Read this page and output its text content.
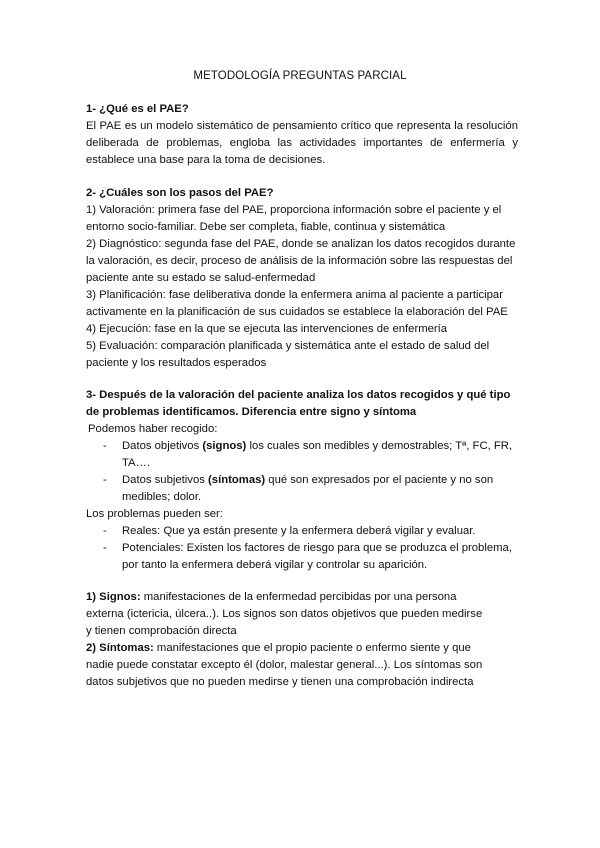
METODOLOGÍA PREGUNTAS PARCIAL

1- ¿Qué es el PAE?

El PAE es un modelo sistemático de pensamiento crítico que representa la resolución deliberada de problemas, engloba las actividades importantes de enfermería y establece una base para la toma de decisiones.

2- ¿Cuáles son los pasos del PAE?

1) Valoración: primera fase del PAE, proporciona información sobre el paciente y el entorno socio-familiar. Debe ser completa, fiable, continua y sistemática

2) Diagnóstico: segunda fase del PAE, donde se analizan los datos recogidos durante la valoración, es decir, proceso de análisis de la información sobre las respuestas del paciente ante su estado se salud-enfermedad

3) Planificación: fase deliberativa donde la enfermera anima al paciente a participar activamente en la planificación de sus cuidados se establece la elaboración del PAE

4) Ejecución: fase en la que se ejecuta las intervenciones de enfermería

5) Evaluación: comparación planificada y sistemática ante el estado de salud del paciente y los resultados esperados

3- Después de la valoración del paciente analiza los datos recogidos y qué tipo de problemas identificamos. Diferencia entre signo y síntoma

Podemos haber recogido:

- Datos objetivos (signos) los cuales son medibles y demostrables; Tª, FC, FR, TA….
- Datos subjetivos (síntomas) qué son expresados por el paciente y no son medibles; dolor.

Los problemas pueden ser:

- Reales: Que ya están presente y la enfermera deberá vigilar y evaluar.
- Potenciales: Existen los factores de riesgo para que se produzca el problema, por tanto la enfermera deberá vigilar y controlar su aparición.

1) Signos: manifestaciones de la enfermedad percibidas por una persona externa (ictericia, úlcera..). Los signos son datos objetivos que pueden medirse y tienen comprobación directa

2) Síntomas: manifestaciones que el propio paciente o enfermo siente y que nadie puede constatar excepto él (dolor, malestar general...). Los síntomas son datos subjetivos que no pueden medirse y tienen una comprobación indirecta
